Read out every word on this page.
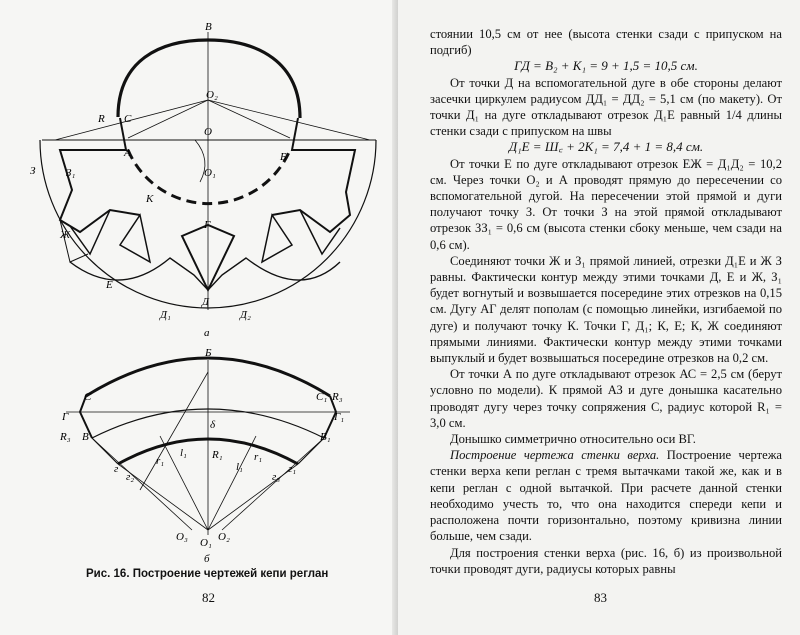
В
O₂
O
O₁
R C
A	Б
З	З₁
К
Г
Ж
Е
Д₁
Д
Д₂
а
Б
C	C₁ R₃
Г	Г₁
R₃ В	В₁
δ
R₁
r₁
l₁
l₁
r₁
г
г₂	г₃
г₁
O₃ O₁ O₂
б
Рис. 16. Построение чертежей кепи реглан
82

стоянии 10,5 см от нее (высота стенки сзади с припуском на подгиб)

ГД = В₂ + К₁ = 9 + 1,5 = 10,5 см.

От точки Д на вспомогательной дуге в обе стороны делают засечки циркулем радиусом ДД₁ = ДД₂ = 5,1 см (по макету). От точки Д₁ на дуге откладывают отрезок Д₁Е равный 1/4 длины стенки сзади с припуском на швы

Д₁Е = Ш꜀ + 2К₁ = 7,4 + 1 = 8,4 см.

От точки Е по дуге откладывают отрезок ЕЖ = Д₁Д₂ = 10,2 см. Через точки O₂ и А проводят прямую до пересечении со вспомогательной дугой. На пересечении этой прямой и дуги получают точку З. От точки З на этой прямой откладывают отрезок ЗЗ₁ = 0,6 см (высота стенки сбоку меньше, чем сзади на 0,6 см).

Соединяют точки Ж и З₁ прямой линией, отрезки Д₁Е и Ж З равны. Фактически контур между этими точками Д, Е и Ж, З₁ будет вогнутый и возвышается посередине этих отрезков на 0,15 см. Дугу АГ делят пополам (с помощью линейки, изгибаемой по дуге) и получают точку К. Точки Г, Д₁; К, Е; К, Ж соединяют прямыми линиями. Фактически контур между этими точками выпуклый и будет возвышаться посередине отрезков на 0,2 см.

От точки А по дуге откладывают отрезок АС = 2,5 см (берут условно по модели). К прямой АЗ и дуге донышка касательно проводят дугу через точку сопряжения С, радиус которой R₁ = 3,0 см.

Донышко симметрично относительно оси ВГ.

Построение чертежа стенки верха. Построение чертежа стенки верха кепи реглан с тремя вытачками такой же, как и в кепи реглан с одной вытачкой. При расчете данной стенки необходимо учесть то, что она находится спереди кепи и расположена почти горизонтально, поэтому кривизна линии больше, чем сзади.

Для построения стенки верха (рис. 16, б) из произвольной точки проводят дуги, радиусы которых равны

83
